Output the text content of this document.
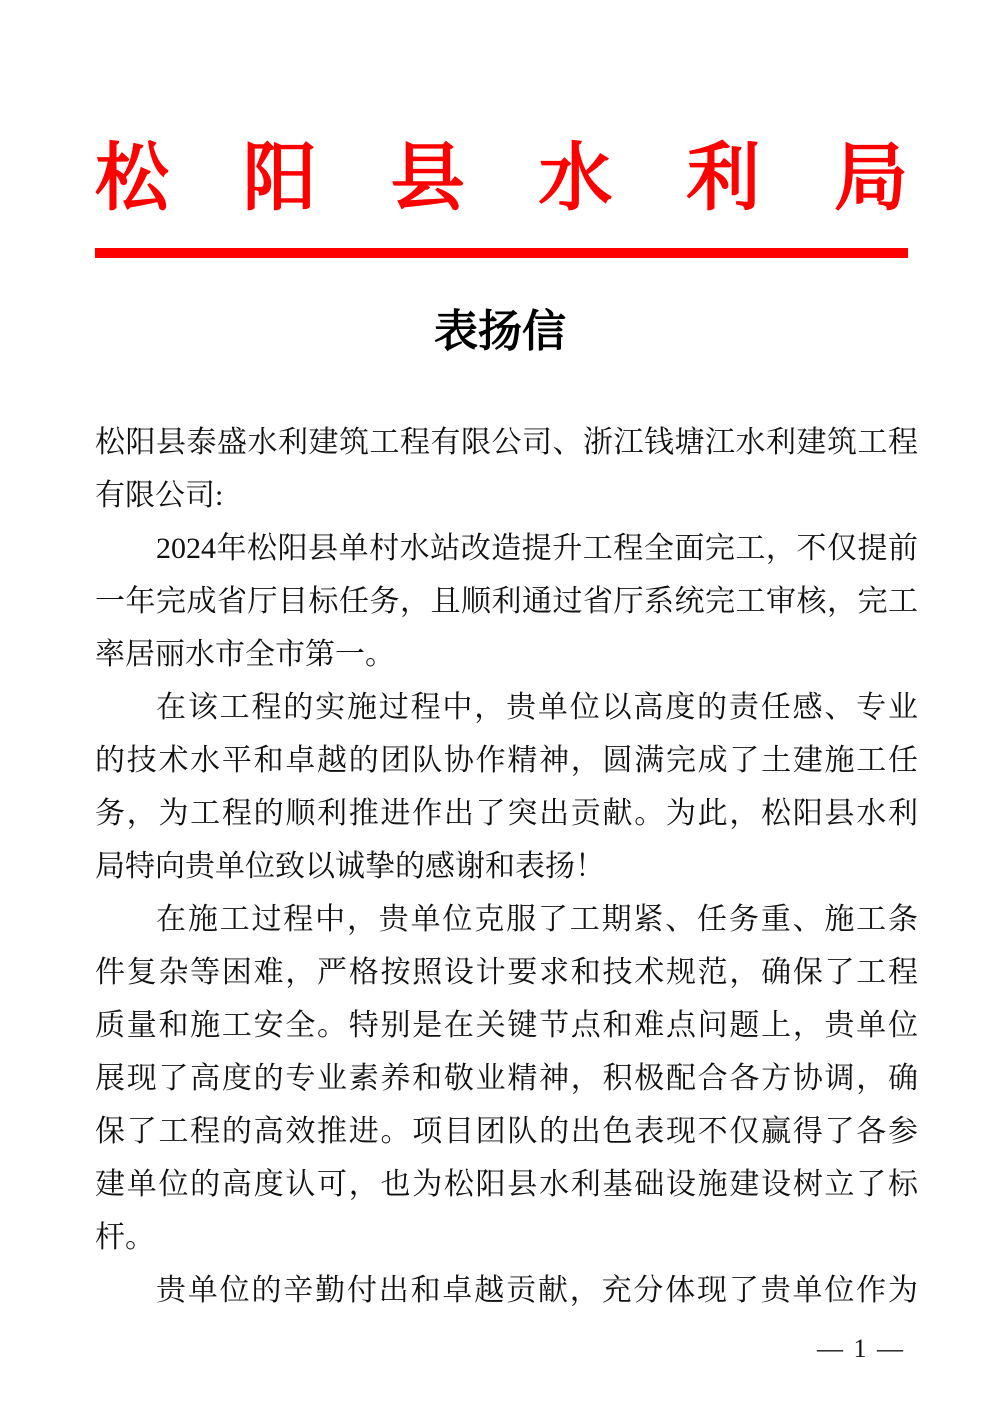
松 阳 县 水 利 局
表扬信
松阳县泰盛水利建筑工程有限公司、浙江钱塘江水利建筑工程
有限公司:
2024年松阳县单村水站改造提升工程全面完工，不仅提前
一年完成省厅目标任务，且顺利通过省厅系统完工审核，完工
率居丽水市全市第一。
在该工程的实施过程中，贵单位以高度的责任感、专业
的技术水平和卓越的团队协作精神，圆满完成了土建施工任
务，为工程的顺利推进作出了突出贡献。为此，松阳县水利
局特向贵单位致以诚挚的感谢和表扬！
在施工过程中，贵单位克服了工期紧、任务重、施工条
件复杂等困难，严格按照设计要求和技术规范，确保了工程
质量和施工安全。特别是在关键节点和难点问题上，贵单位
展现了高度的专业素养和敬业精神，积极配合各方协调，确
保了工程的高效推进。项目团队的出色表现不仅赢得了各参
建单位的高度认可，也为松阳县水利基础设施建设树立了标
杆。
贵单位的辛勤付出和卓越贡献，充分体现了贵单位作为
— 1 —
